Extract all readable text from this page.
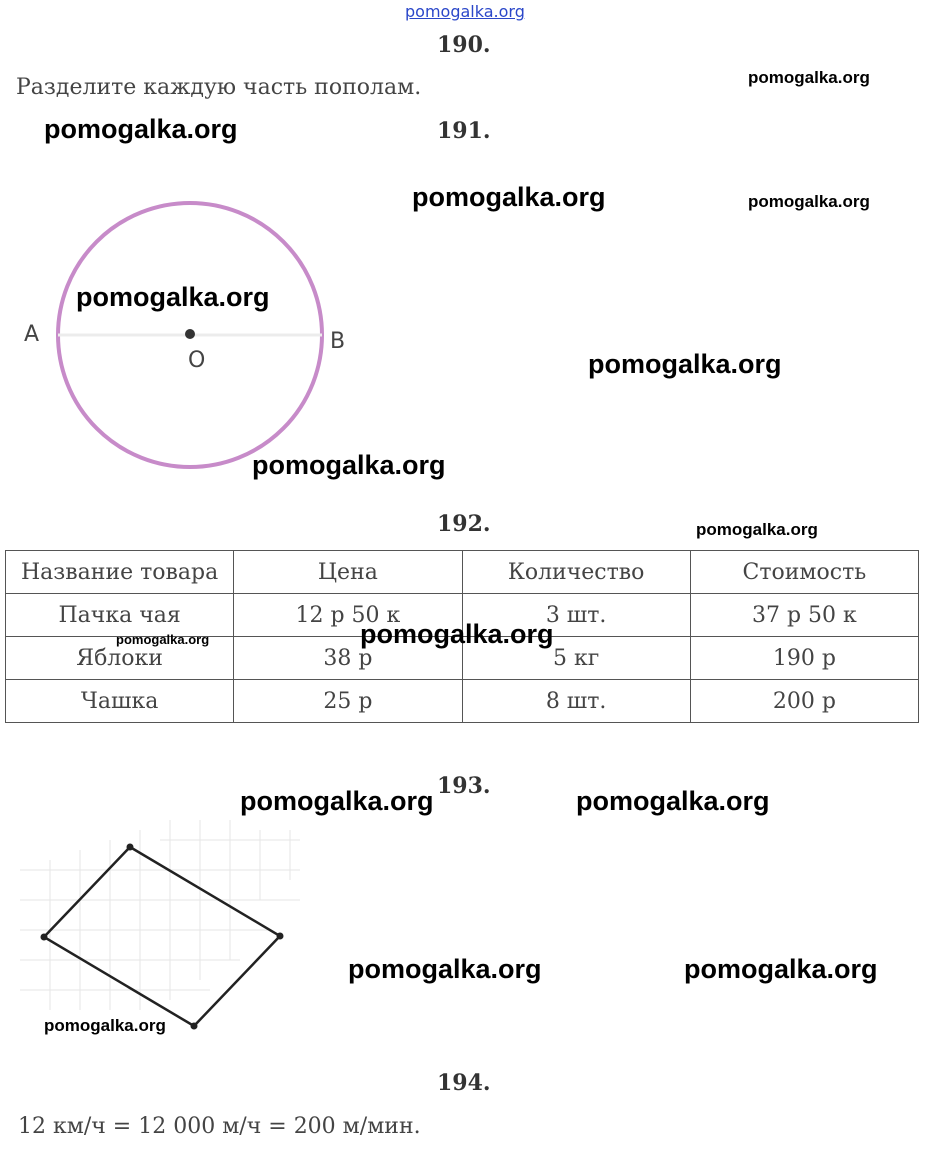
pomogalka.org
190.
Разделите каждую часть пополам.	pomogalka.org
pomogalka.org	191.
pomogalka.org	pomogalka.org
A	B
O
pomogalka.org
pomogalka.org
pomogalka.org
192.	pomogalka.org
Название товара	Цена	Количество	Стоимость
Пачка чая	12 р 50 к	3 шт.	37 р 50 к
Яблоки	38 р	5 кг	190 р
Чашка	25 р	8 шт.	200 р
pomogalka.org	pomogalka.org
193.
pomogalka.org	pomogalka.org
pomogalka.org	pomogalka.org
pomogalka.org
194.
12 км/ч = 12 000 м/ч = 200 м/мин.
